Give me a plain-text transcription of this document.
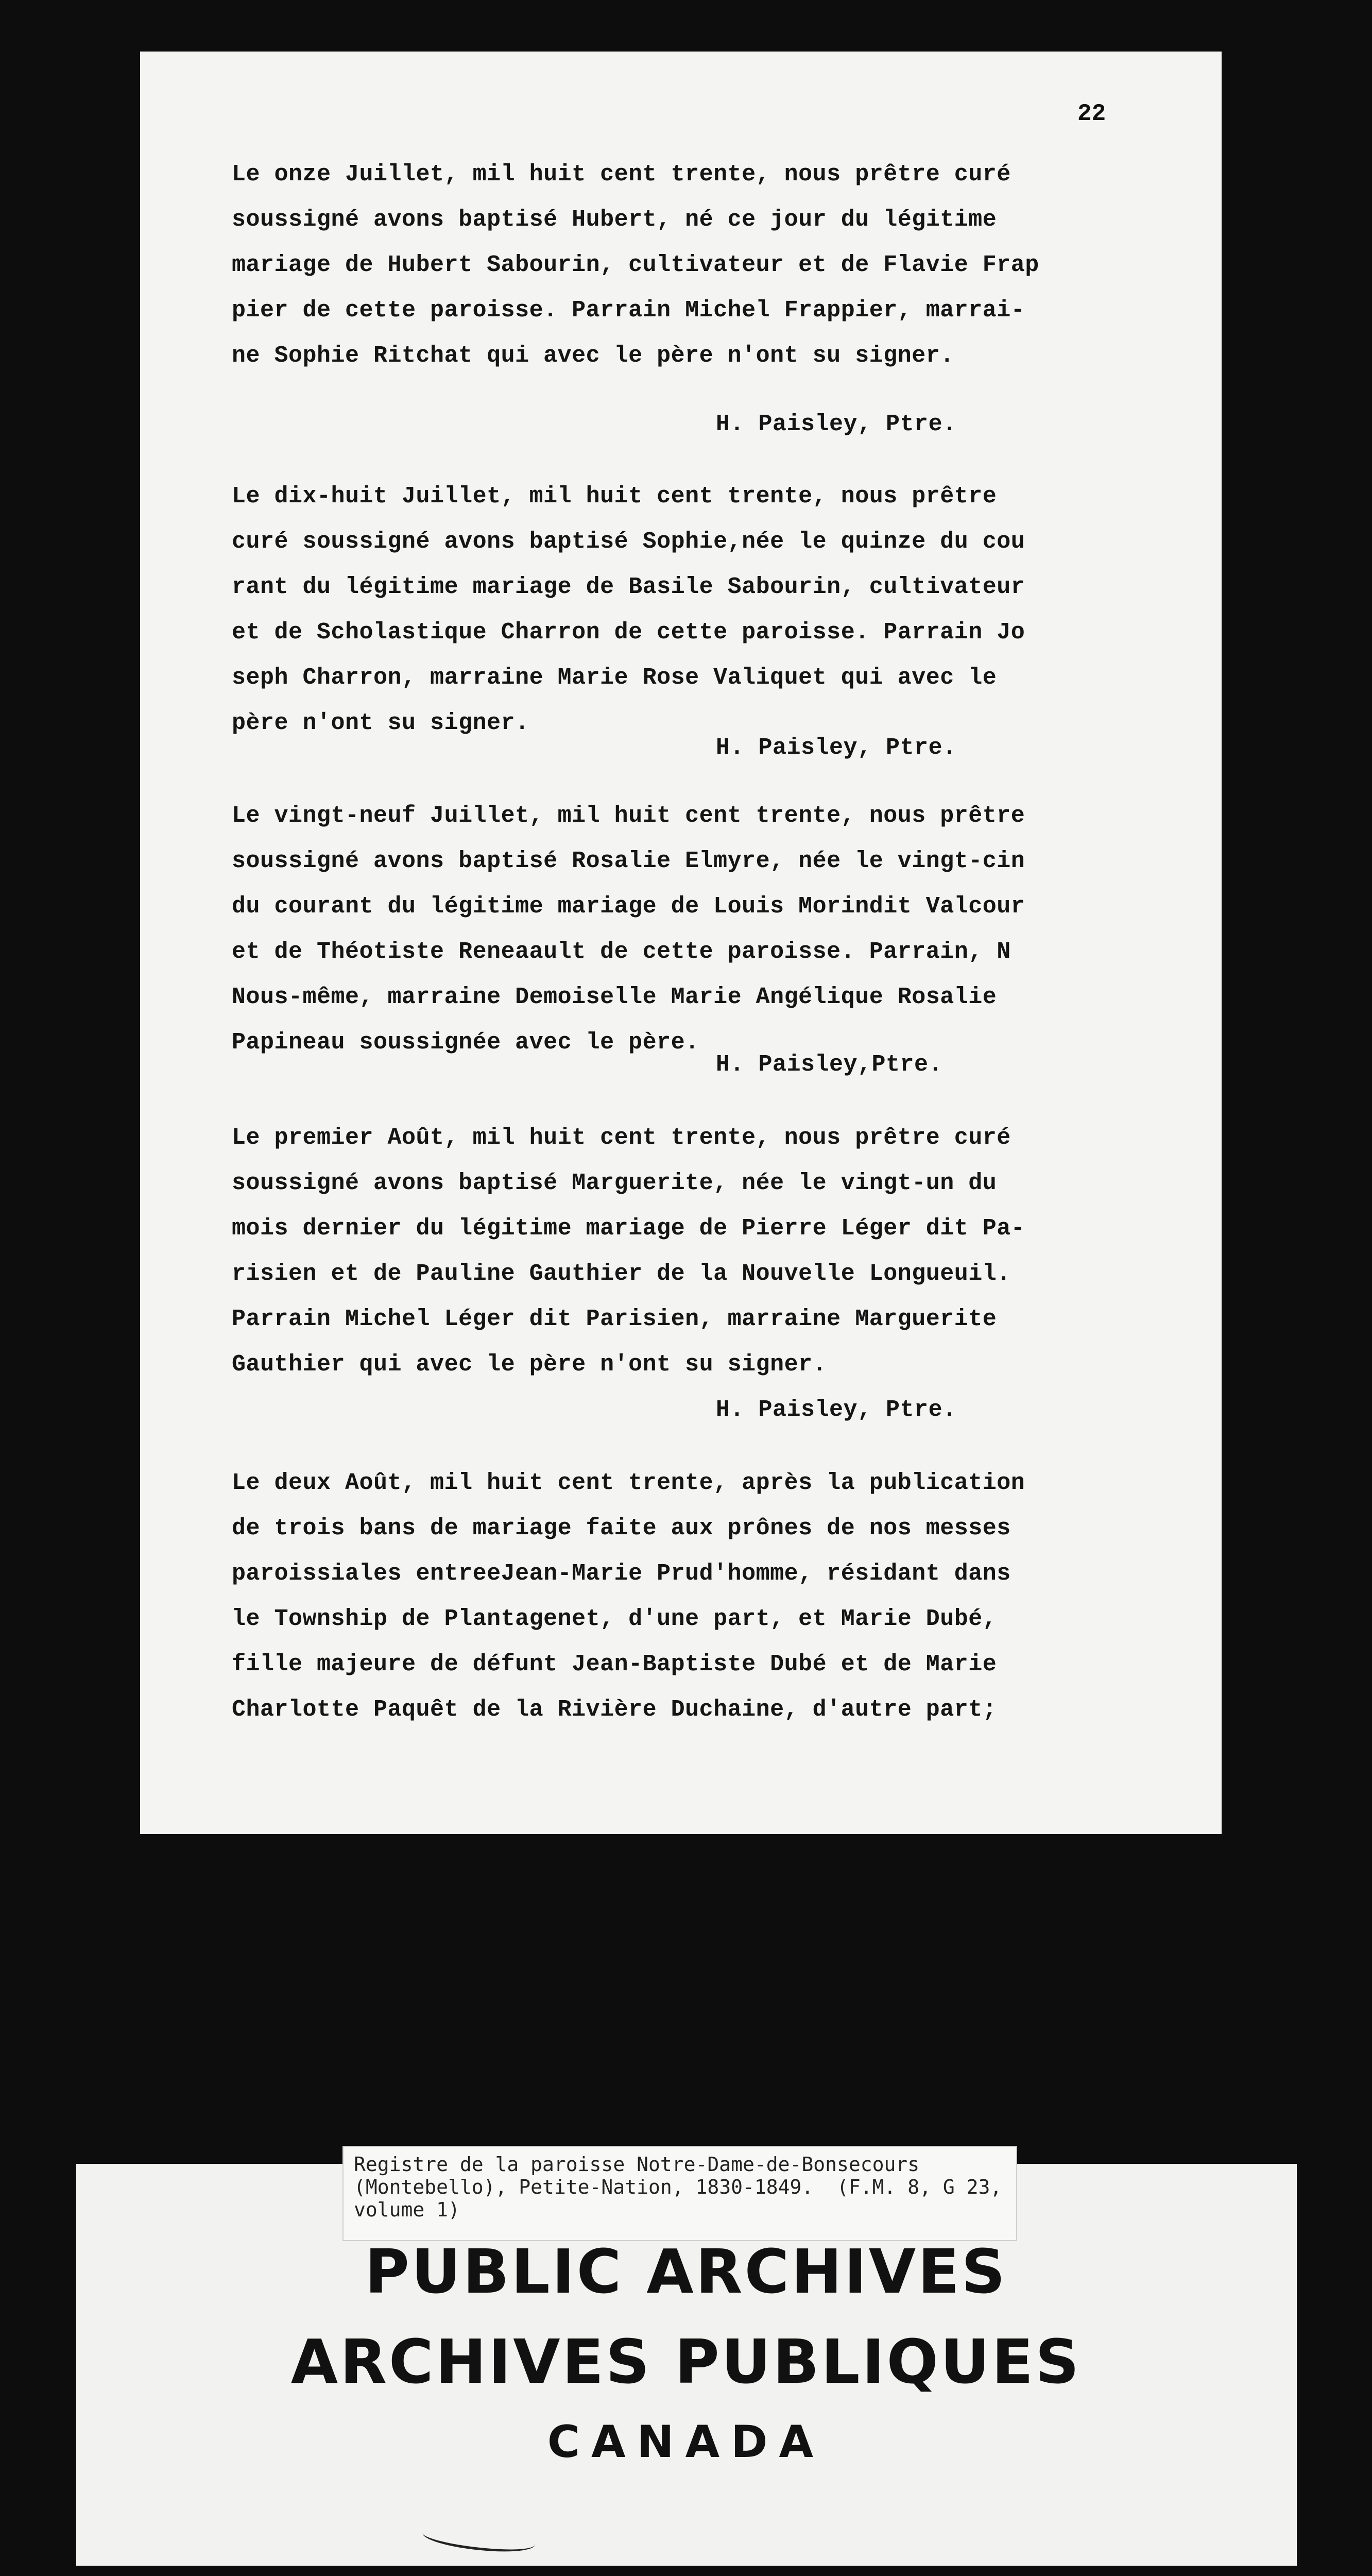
22
Le onze Juillet, mil huit cent trente, nous prêtre curé
soussigné avons baptisé Hubert, né ce jour du légitime
mariage de Hubert Sabourin, cultivateur et de Flavie Frap
pier de cette paroisse. Parrain Michel Frappier, marrai-
ne Sophie Ritchat qui avec le père n'ont su signer.
H. Paisley, Ptre.
Le dix-huit Juillet, mil huit cent trente, nous prêtre
curé soussigné avons baptisé Sophie,née le quinze du cou
rant du légitime mariage de Basile Sabourin, cultivateur
et de Scholastique Charron de cette paroisse. Parrain Jo
seph Charron, marraine Marie Rose Valiquet qui avec le
père n'ont su signer.
H. Paisley, Ptre.
Le vingt-neuf Juillet, mil huit cent trente, nous prêtre
soussigné avons baptisé Rosalie Elmyre, née le vingt-cin
du courant du légitime mariage de Louis Morindit Valcour
et de Théotiste Reneaault de cette paroisse. Parrain, N
Nous-même, marraine Demoiselle Marie Angélique Rosalie
Papineau soussignée avec le père.
H. Paisley,Ptre.
Le premier Août, mil huit cent trente, nous prêtre curé
soussigné avons baptisé Marguerite, née le vingt-un du
mois dernier du légitime mariage de Pierre Léger dit Pa-
risien et de Pauline Gauthier de la Nouvelle Longueuil.
Parrain Michel Léger dit Parisien, marraine Marguerite
Gauthier qui avec le père n'ont su signer.
H. Paisley, Ptre.
Le deux Août, mil huit cent trente, après la publication
de trois bans de mariage faite aux prônes de nos messes
paroissiales entreeJean-Marie Prud'homme, résidant dans
le Township de Plantagenet, d'une part, et Marie Dubé,
fille majeure de défunt Jean-Baptiste Dubé et de Marie
Charlotte Paquêt de la Rivière Duchaine, d'autre part;
Registre de la paroisse Notre-Dame-de-Bonsecours
(Montebello), Petite-Nation, 1830-1849.  (F.M. 8, G 23,
volume 1)
PUBLIC ARCHIVES
ARCHIVES PUBLIQUES
CANADA
